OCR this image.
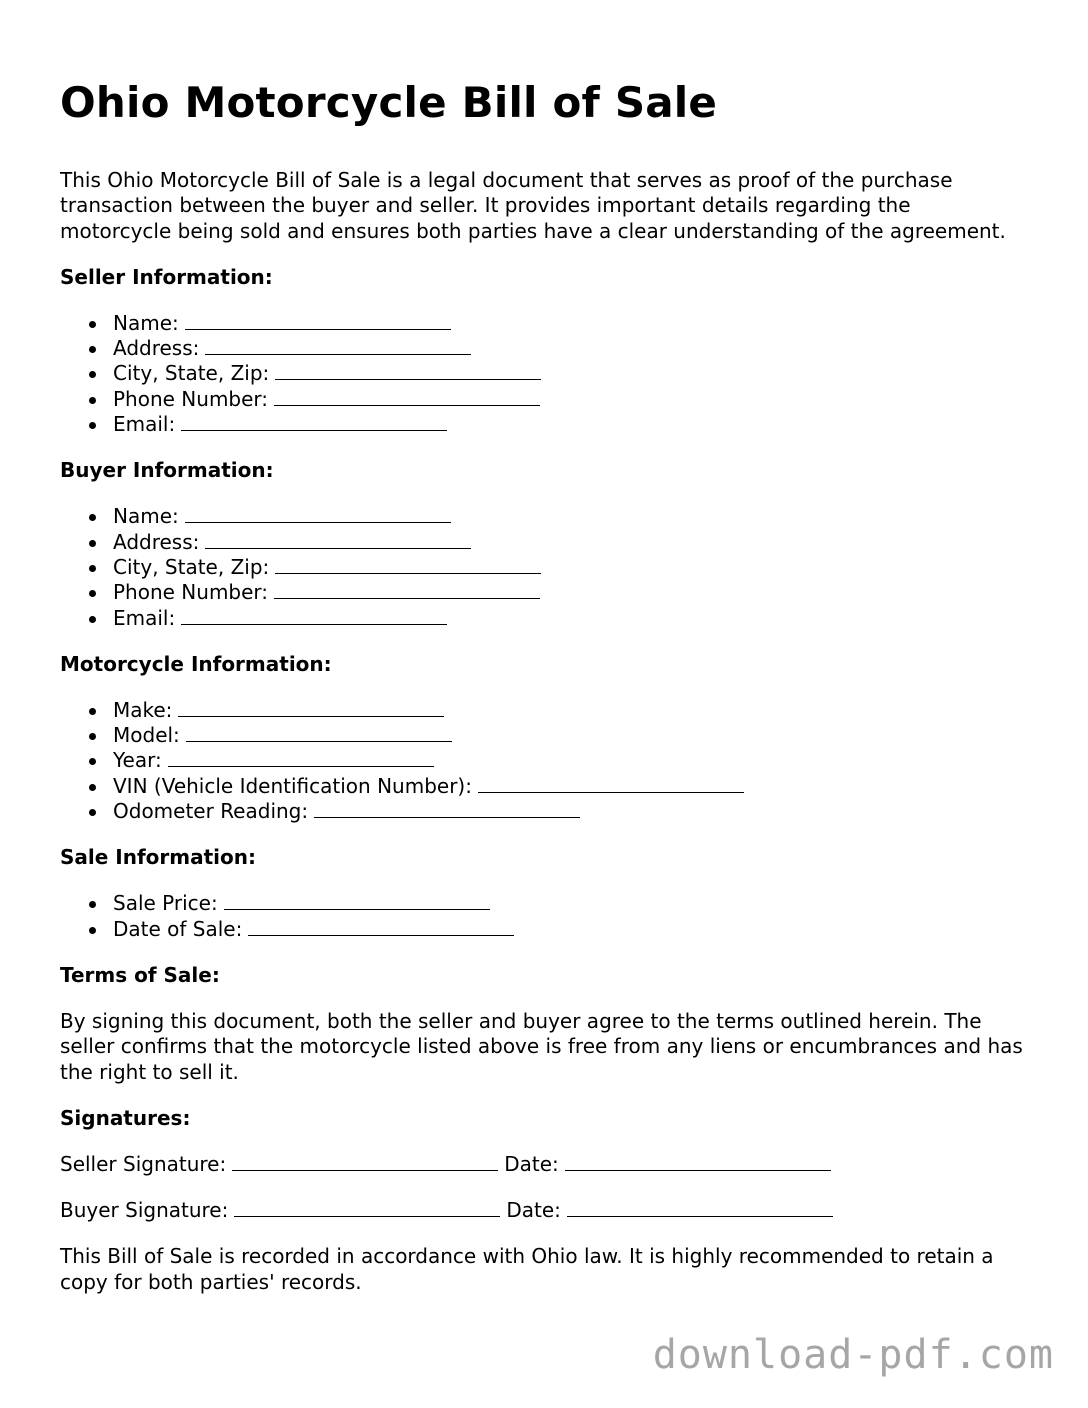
Ohio Motorcycle Bill of Sale

This Ohio Motorcycle Bill of Sale is a legal document that serves as proof of the purchase transaction between the buyer and seller. It provides important details regarding the motorcycle being sold and ensures both parties have a clear understanding of the agreement.

Seller Information:
Name:
Address:
City, State, Zip:
Phone Number:
Email:
Buyer Information:
Name:
Address:
City, State, Zip:
Phone Number:
Email:
Motorcycle Information:
Make:
Model:
Year:
VIN (Vehicle Identification Number):
Odometer Reading:
Sale Information:
Sale Price:
Date of Sale:
Terms of Sale:

By signing this document, both the seller and buyer agree to the terms outlined herein. The seller confirms that the motorcycle listed above is free from any liens or encumbrances and has the right to sell it.

Signatures:
Seller Signature:	Date:
Buyer Signature:	Date:

This Bill of Sale is recorded in accordance with Ohio law. It is highly recommended to retain a copy for both parties' records.

download-pdf.com
